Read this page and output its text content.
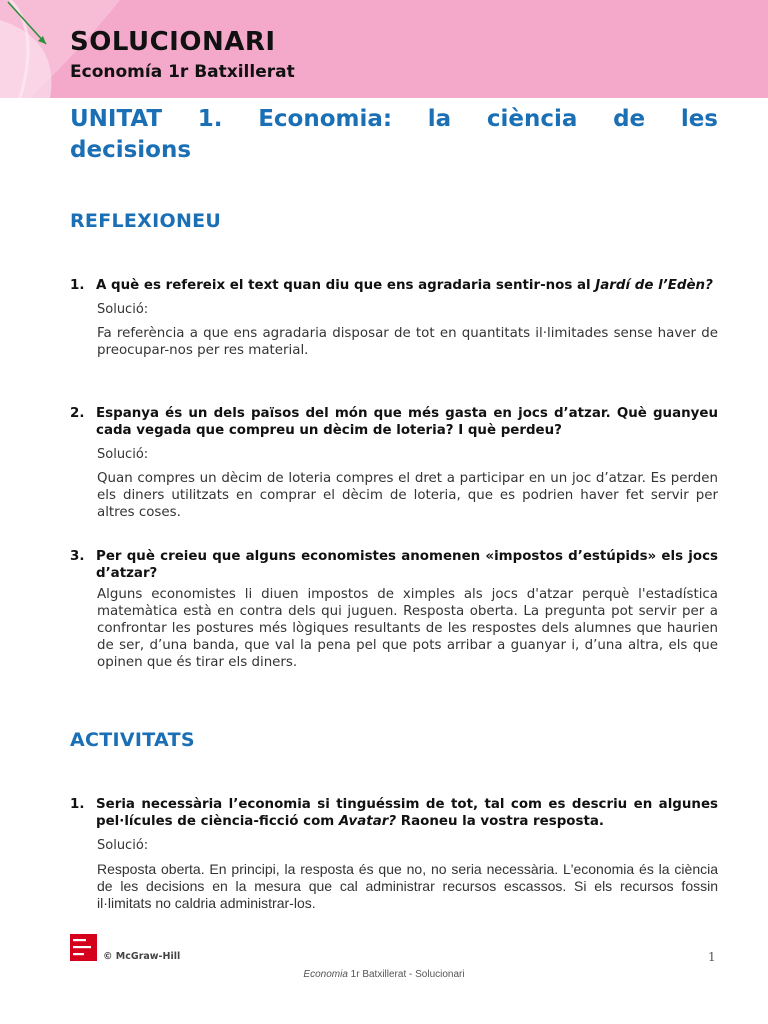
SOLUCIONARI
Economía 1r Batxillerat
UNITAT 1. Economia: la ciència de les decisions
REFLEXIONEU
1. A què es refereix el text quan diu que ens agradaria sentir-nos al Jardí de l’Edèn?
Solució:
Fa referència a que ens agradaria disposar de tot en quantitats il·limitades sense haver de preocupar-nos per res material.
2. Espanya és un dels països del món que més gasta en jocs d’atzar. Què guanyeu cada vegada que compreu un dècim de loteria? I què perdeu?
Solució:
Quan compres un dècim de loteria compres el dret a participar en un joc d’atzar. Es perden els diners utilitzats en comprar el dècim de loteria, que es podrien haver fet servir per altres coses.
3. Per què creieu que alguns economistes anomenen «impostos d’estúpids» els jocs d’atzar?
Alguns economistes li diuen impostos de ximples als jocs d'atzar perquè l'estadística matemàtica està en contra dels qui juguen. Resposta oberta. La pregunta pot servir per a confrontar les postures més lògiques resultants de les respostes dels alumnes que haurien de ser, d’una banda, que val la pena pel que pots arribar a guanyar i, d’una altra, els que opinen que és tirar els diners.
ACTIVITATS
1. Seria necessària l’economia si tinguéssim de tot, tal com es descriu en algunes pel·lícules de ciència-ficció com Avatar? Raoneu la vostra resposta.
Solució:
Resposta oberta. En principi, la resposta és que no, no seria necessària. L'economia és la ciència de les decisions en la mesura que cal administrar recursos escassos. Si els recursos fossin il·limitats no caldria administrar-los.
© McGraw-Hill	1
Economia 1r Batxillerat - Solucionari
